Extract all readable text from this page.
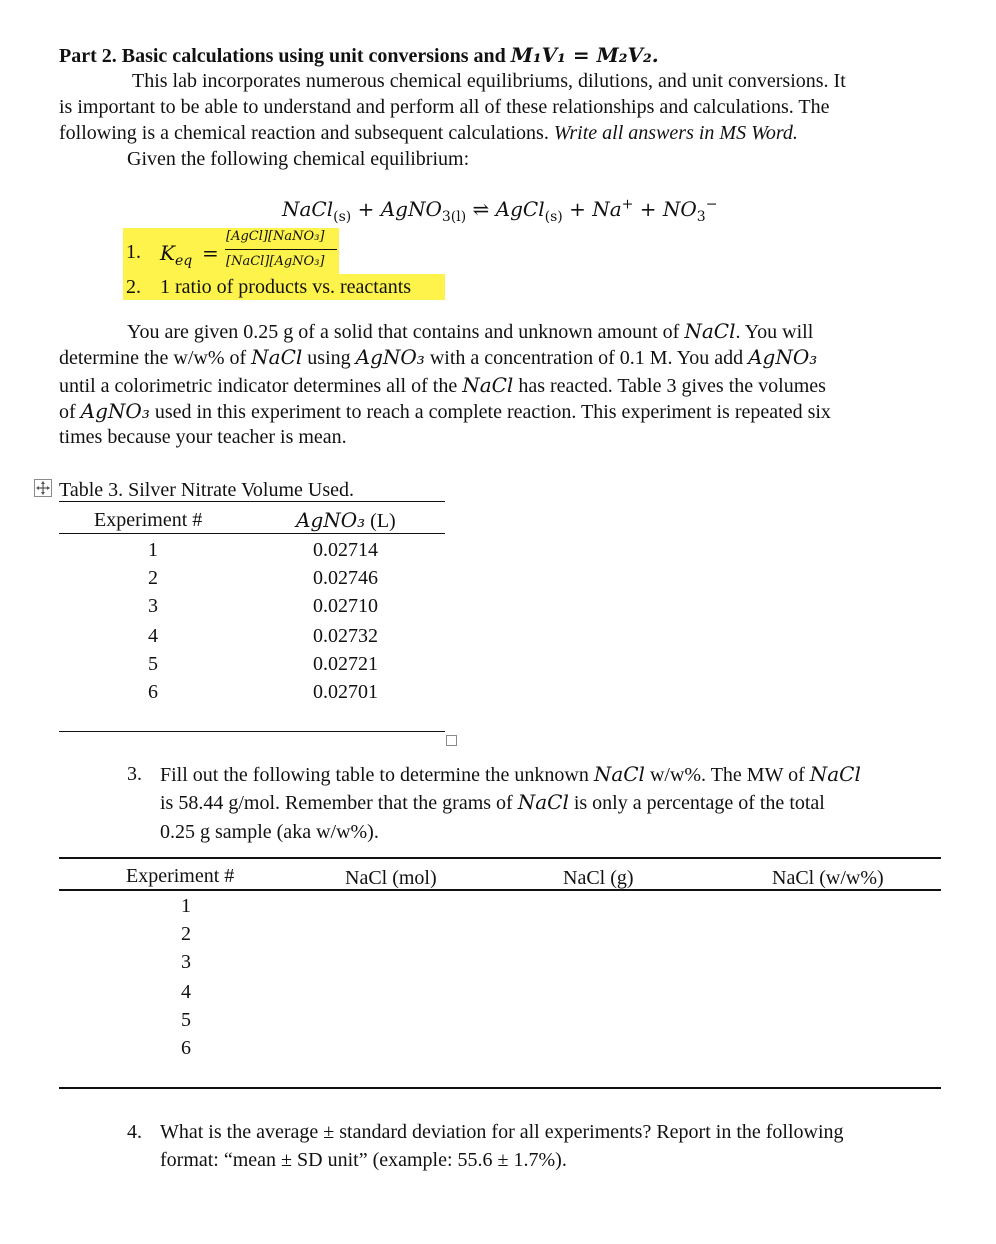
Part 2. Basic calculations using unit conversions and M₁V₁ = M₂V₂.
This lab incorporates numerous chemical equilibriums, dilutions, and unit conversions. It
is important to be able to understand and perform all of these relationships and calculations. The
following is a chemical reaction and subsequent calculations. Write all answers in MS Word.
Given the following chemical equilibrium:
NaCl$_{(s)}$ + AgNO$_{3(l)}$ ⇌ AgCl$_{(s)}$ + $Na^+ + NO_3^-$
1. $K_{eq}$ =
[AgCl][NaNO₃]
[NaCl][AgNO₃]
2. 1 ratio of products vs. reactants
You are given 0.25 g of a solid that contains and unknown amount of NaCl. You will
determine the w/w% of NaCl using AgNO₃ with a concentration of 0.1 M. You add AgNO₃
until a colorimetric indicator determines all of the NaCl has reacted. Table 3 gives the volumes
of AgNO₃ used in this experiment to reach a complete reaction. This experiment is repeated six
times because your teacher is mean.
Table 3. Silver Nitrate Volume Used.
Experiment #	AgNO₃ (L)
1	0.02714
2	0.02746
3	0.02710
4	0.02732
5	0.02721
6	0.02701
3. Fill out the following table to determine the unknown NaCl w/w%. The MW of NaCl
is 58.44 g/mol. Remember that the grams of NaCl is only a percentage of the total
0.25 g sample (aka w/w%).
Experiment #	NaCl (mol)	NaCl (g)	NaCl (w/w%)
1
2
3
4
5
6
4. What is the average ± standard deviation for all experiments? Report in the following
format: “mean ± SD unit” (example: 55.6 ± 1.7%).
